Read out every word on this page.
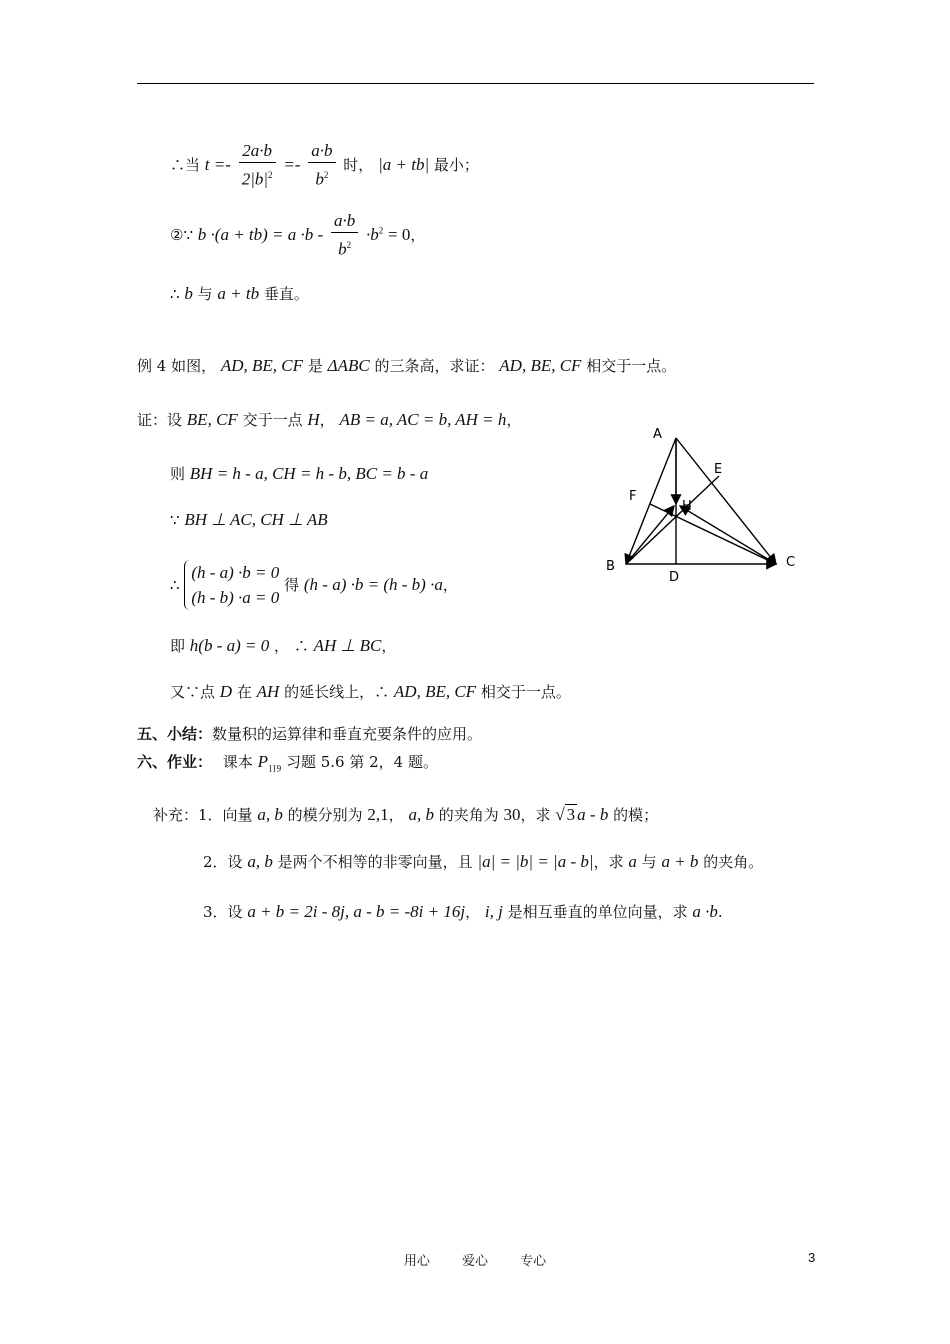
∴当 $t =- \frac{2a\cdot b}{2|b|^2} =- \frac{a\cdot b}{b^2}$ 时， |a + tb| 最小；
②∵ $b \cdot(a + tb) = a \cdot b - \frac{a\cdot b}{b^2} \cdot b^2 = 0$，
∴ b 与 a + tb 垂直。
例 4 如图， AD, BE, CF 是 ΔABC 的三条高，求证： AD, BE, CF 相交于一点。
证：设 BE, CF 交于一点 H， AB = a, AC = b, AH = h，
则 BH = h - a, CH = h - b, BC = b - a
∵ BH ⊥ AC, CH ⊥ AB
∴
(h - a) ·b = 0
(h - b) ·a = 0
得 (h - a) ·b = (h - b) ·a，
即 h(b - a) = 0 ， ∴ AH ⊥ BC，
又∵点 D 在 AH 的延长线上，∴ AD, BE, CF 相交于一点。
A
E
F
H
B	C
D
五、小结：数量积的运算律和垂直充要条件的应用。
六、作业： 课本 $P_{119}$ 习题 5.6 第 2，4 题。
补充：1．向量 a, b 的模分别为 2,1， a, b 的夹角为 30，求 √ 3 a - b 的模；
2．设 a, b 是两个不相等的非零向量，且 |a| = |b| = |a - b|，求 a 与 a + b 的夹角。
3．设 a + b = 2i - 8j, a - b = -8i + 16j， i, j 是相互垂直的单位向量，求 a ·b.
用心 爱心 专心	3
